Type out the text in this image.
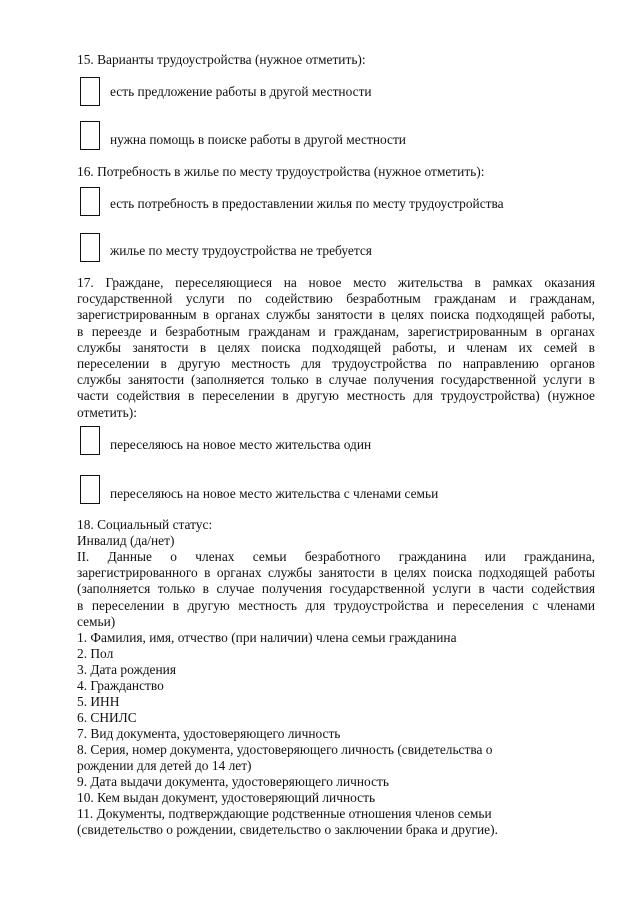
15. Варианты трудоустройства (нужное отметить):
есть предложение работы в другой местности
нужна помощь в поиске работы в другой местности
16. Потребность в жилье по месту трудоустройства (нужное отметить):
есть потребность в предоставлении жилья по месту трудоустройства
жилье по месту трудоустройства не требуется
17. Граждане, переселяющиеся на новое место жительства в рамках оказания
государственной услуги по содействию безработным гражданам и гражданам,
зарегистрированным в органах службы занятости в целях поиска подходящей работы,
в переезде и безработным гражданам и гражданам, зарегистрированным в органах
службы занятости в целях поиска подходящей работы, и членам их семей в
переселении в другую местность для трудоустройства по направлению органов
службы занятости (заполняется только в случае получения государственной услуги в
части содействия в переселении в другую местность для трудоустройства) (нужное
отметить):
переселяюсь на новое место жительства один
переселяюсь на новое место жительства с членами семьи
18. Социальный статус:
Инвалид (да/нет)
II. Данные о членах семьи безработного гражданина или гражданина,
зарегистрированного в органах службы занятости в целях поиска подходящей работы
(заполняется только в случае получения государственной услуги в части содействия
в переселении в другую местность для трудоустройства и переселения с членами
семьи)
1. Фамилия, имя, отчество (при наличии) члена семьи гражданина
2. Пол
3. Дата рождения
4. Гражданство
5. ИНН
6. СНИЛС
7. Вид документа, удостоверяющего личность
8. Серия, номер документа, удостоверяющего личность (свидетельства о
рождении для детей до 14 лет)
9. Дата выдачи документа, удостоверяющего личность
10. Кем выдан документ, удостоверяющий личность
11. Документы, подтверждающие родственные отношения членов семьи
(свидетельство о рождении, свидетельство о заключении брака и другие).
